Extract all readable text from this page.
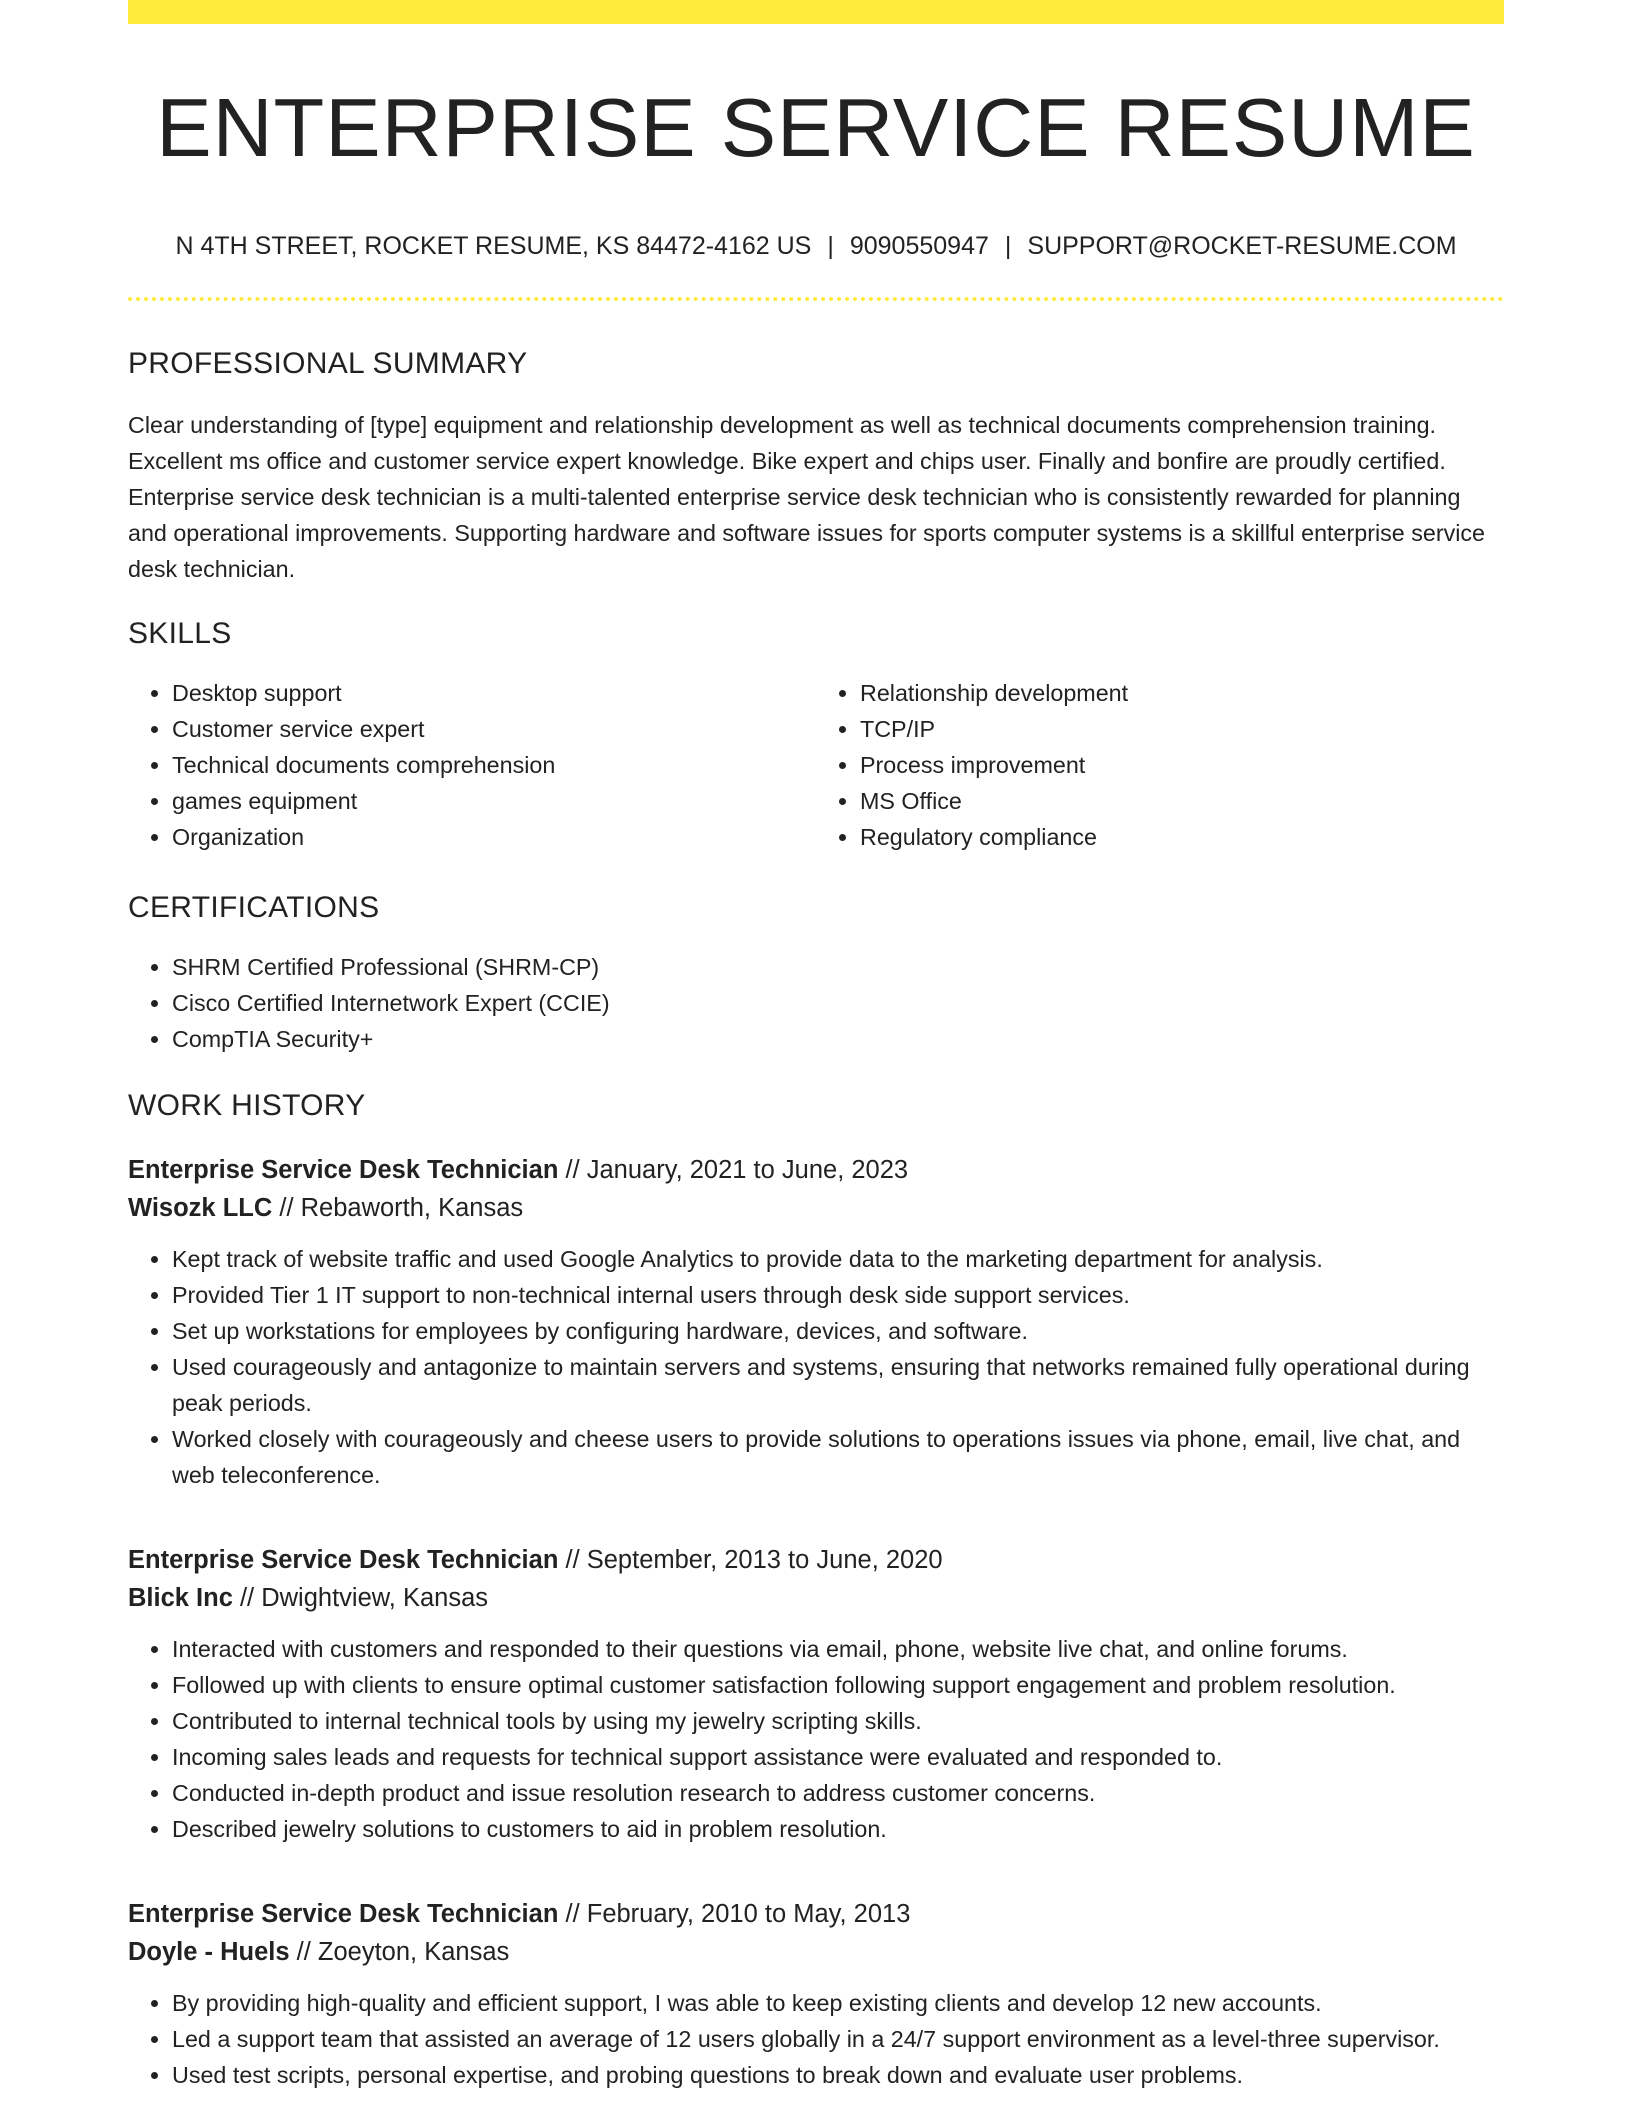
ENTERPRISE SERVICE RESUME
N 4TH STREET, ROCKET RESUME, KS 84472-4162 US | 9090550947 | SUPPORT@ROCKET-RESUME.COM
PROFESSIONAL SUMMARY

Clear understanding of [type] equipment and relationship development as well as technical documents comprehension training. Excellent ms office and customer service expert knowledge. Bike expert and chips user. Finally and bonfire are proudly certified. Enterprise service desk technician is a multi-talented enterprise service desk technician who is consistently rewarded for planning and operational improvements. Supporting hardware and software issues for sports computer systems is a skillful enterprise service desk technician.

SKILLS
• Desktop support
• Customer service expert
• Technical documents comprehension
• games equipment
• Organization
• Relationship development
• TCP/IP
• Process improvement
• MS Office
• Regulatory compliance
CERTIFICATIONS
• SHRM Certified Professional (SHRM-CP)
• Cisco Certified Internetwork Expert (CCIE)
• CompTIA Security+
WORK HISTORY
Enterprise Service Desk Technician // January, 2021 to June, 2023
Wisozk LLC // Rebaworth, Kansas
• Kept track of website traffic and used Google Analytics to provide data to the marketing department for analysis.
• Provided Tier 1 IT support to non-technical internal users through desk side support services.
• Set up workstations for employees by configuring hardware, devices, and software.
• Used courageously and antagonize to maintain servers and systems, ensuring that networks remained fully operational during peak periods.
• Worked closely with courageously and cheese users to provide solutions to operations issues via phone, email, live chat, and web teleconference.
Enterprise Service Desk Technician // September, 2013 to June, 2020
Blick Inc // Dwightview, Kansas
• Interacted with customers and responded to their questions via email, phone, website live chat, and online forums.
• Followed up with clients to ensure optimal customer satisfaction following support engagement and problem resolution.
• Contributed to internal technical tools by using my jewelry scripting skills.
• Incoming sales leads and requests for technical support assistance were evaluated and responded to.
• Conducted in-depth product and issue resolution research to address customer concerns.
• Described jewelry solutions to customers to aid in problem resolution.
Enterprise Service Desk Technician // February, 2010 to May, 2013
Doyle - Huels // Zoeyton, Kansas
• By providing high-quality and efficient support, I was able to keep existing clients and develop 12 new accounts.
• Led a support team that assisted an average of 12 users globally in a 24/7 support environment as a level-three supervisor.
• Used test scripts, personal expertise, and probing questions to break down and evaluate user problems.
